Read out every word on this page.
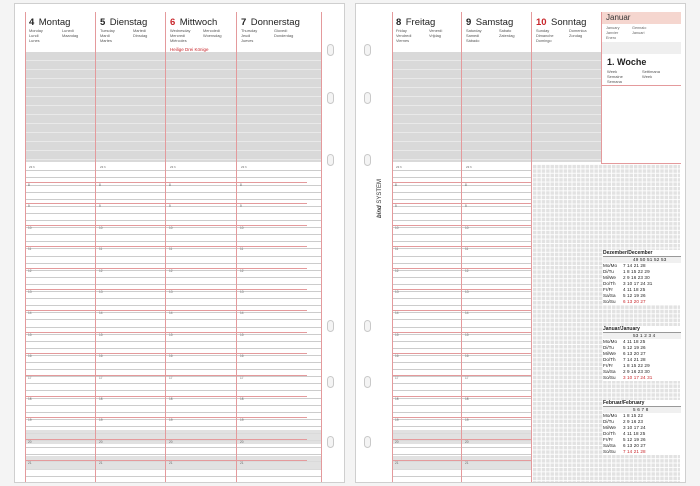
4 Montag
Monday
Lundi
Lunes
Lunedì
Maandag
23 h
5 Dienstag
Tuesday
Mardi
Martes
Martedì
Dinsdag
23 h
6 Mittwoch
Wednesday
Mercredi
Miércoles
Mercoledì
Woensdag
Heilige Drei Könige
23 h
7 Donnerstag
Thursday
Jeudi
Jueves
Giovedì
Donderdag
23 h
8	8	8	8
9	9	9	9
10	10	10	10
11	11	11	11
12	12	12	12
13	13	13	13
14	14	14	14
15	15	15	15
16	16	16	16
17	17	17	17
18	18	18	18
19	19	19	19
20	20	20	20
21	21	21	21
bind SYSTEM
8 Freitag
Friday
Vendredi
Viernes
Venerdì
Vrijdag
23 h
9 Samstag
Saturday
Samedi
Sábado
Sabato
Zaterdag
23 h
10 Sonntag
Sunday
Dimanche
Domingo
Domenica
Zondag
Januar
January
Janvier
Enero
Gennaio
Januari
1. Woche
Week
Semaine
Semana
Settimana
Week
Dezember/December
49 50 51 52 53
Mo/Mo	7 14 21 28
Di/Tu	1 8 15 22 29
Mi/We	2 9 16 23 30
Do/Th	3 10 17 24 31
Fr/Fr	4 11 18 25
Sa/Sa	5 12 19 26
So/Su	6 13 20 27
Januar/January
53 1 2 3 4
Mo/Mo	4 11 18 25
Di/Tu	5 12 19 26
Mi/We	6 13 20 27
Do/Th	7 14 21 28
Fr/Fr	1 8 15 22 29
Sa/Sa	2 9 16 23 30
So/Su	3 10 17 24 31
Februar/February
5 6 7 8
Mo/Mo	1 8 15 22
Di/Tu	2 9 16 23
Mi/We	3 10 17 24
Do/Th	4 11 18 25
Fr/Fr	5 12 19 26
Sa/Sa	6 13 20 27
So/Su	7 14 21 28
8	8
9	9
10	10
11	11
12	12
13	13
14	14
15	15
16	16
17	17
18	18
19	19
20	20
21	21
